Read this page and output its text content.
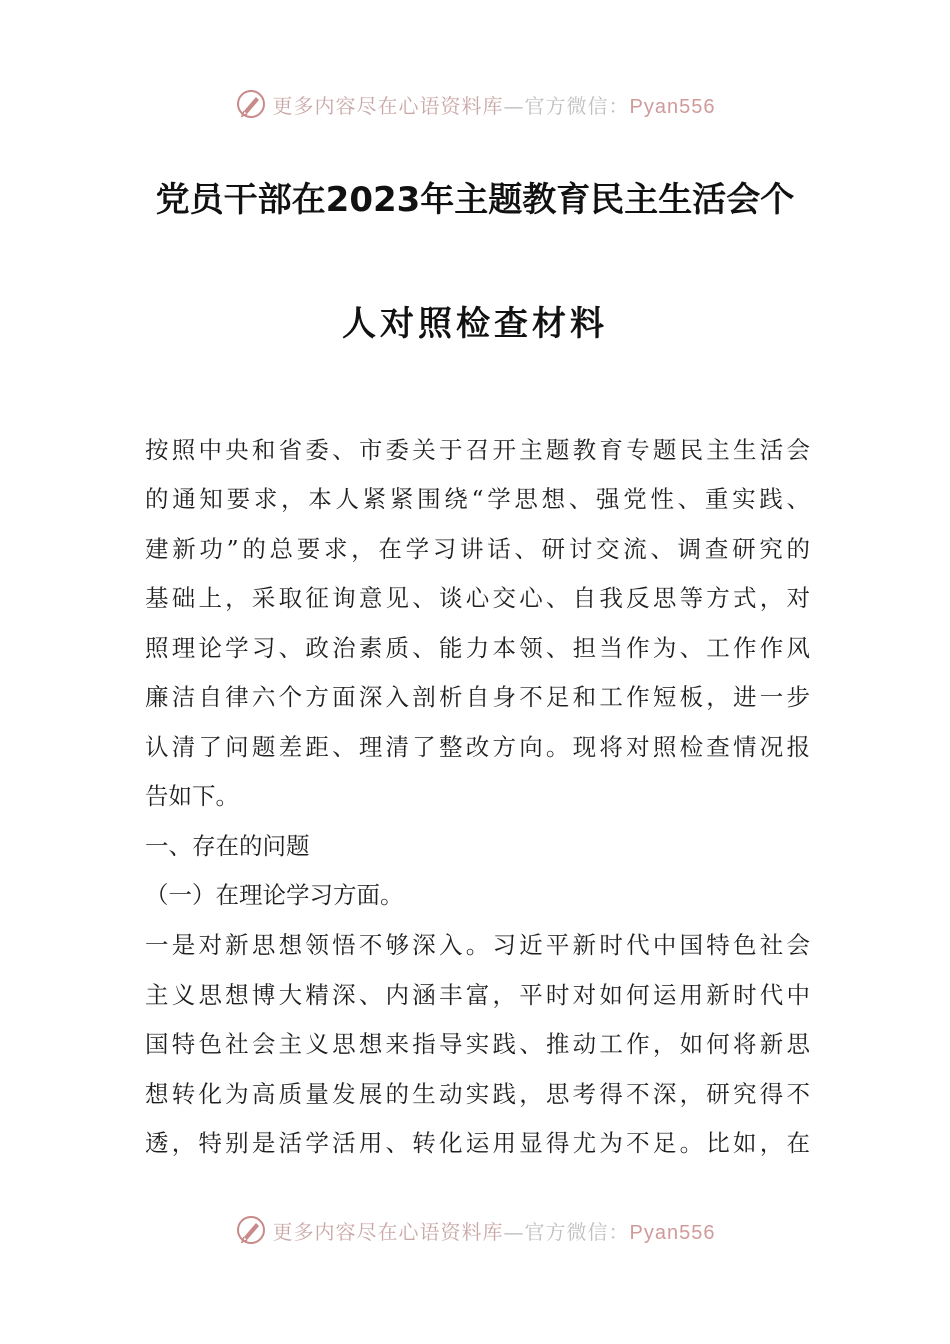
更多内容尽在心语资料库—官方微信：Pyan556
党员干部在2023年主题教育民主生活会个
人对照检查材料
按照中央和省委、市委关于召开主题教育专题民主生活会
的通知要求，本人紧紧围绕“学思想、强党性、重实践、
建新功”的总要求，在学习讲话、研讨交流、调查研究的
基础上，采取征询意见、谈心交心、自我反思等方式，对
照理论学习、政治素质、能力本领、担当作为、工作作风
廉洁自律六个方面深入剖析自身不足和工作短板，进一步
认清了问题差距、理清了整改方向。现将对照检查情况报
告如下。
一、存在的问题
（一）在理论学习方面。
一是对新思想领悟不够深入。习近平新时代中国特色社会
主义思想博大精深、内涵丰富，平时对如何运用新时代中
国特色社会主义思想来指导实践、推动工作，如何将新思
想转化为高质量发展的生动实践，思考得不深，研究得不
透，特别是活学活用、转化运用显得尤为不足。比如，在
更多内容尽在心语资料库—官方微信：Pyan556
